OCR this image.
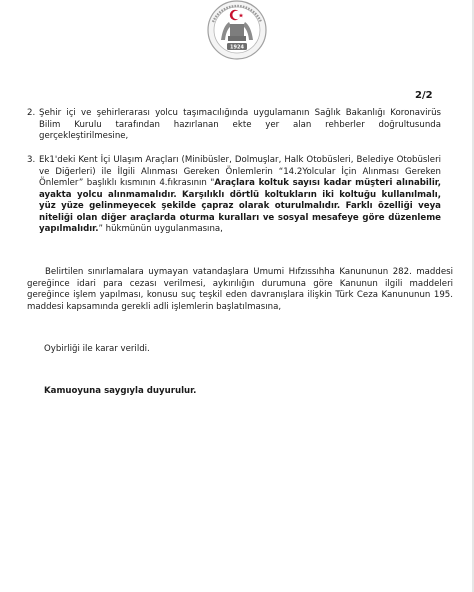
1924
2/2
2. Şehir içi ve şehirlerarası yolcu taşımacılığında uygulamanın Sağlık Bakanlığı Koronavirüs Bilim Kurulu tarafından hazırlanan ekte yer alan rehberler doğrultusunda gerçekleştirilmesine,
3. Ek1'deki Kent İçi Ulaşım Araçları (Minibüsler, Dolmuşlar, Halk Otobüsleri, Belediye Otobüsleri ve Diğerleri) ile İlgili Alınması Gereken Önlemlerin “14.2Yolcular İçin Alınması Gereken Önlemler” başlıklı kısmının 4.fıkrasının "Araçlara koltuk sayısı kadar müşteri alınabilir, ayakta yolcu alınmamalıdır. Karşılıklı dörtlü koltukların iki koltuğu kullanılmalı, yüz yüze gelinmeyecek şekilde çapraz olarak oturulmalıdır. Farklı özelliği veya niteliği olan diğer araçlarda oturma kuralları ve sosyal mesafeye göre düzenleme yapılmalıdır.” hükmünün uygulanmasına,
Belirtilen sınırlamalara uymayan vatandaşlara Umumi Hıfzıssıhha Kanununun 282. maddesi gereğince idari para cezası verilmesi, aykırılığın durumuna göre Kanunun ilgili maddeleri gereğince işlem yapılması, konusu suç teşkil eden davranışlara ilişkin Türk Ceza Kanununun 195. maddesi kapsamında gerekli adli işlemlerin başlatılmasına,
Oybirliği ile karar verildi.
Kamuoyuna saygıyla duyurulur.
